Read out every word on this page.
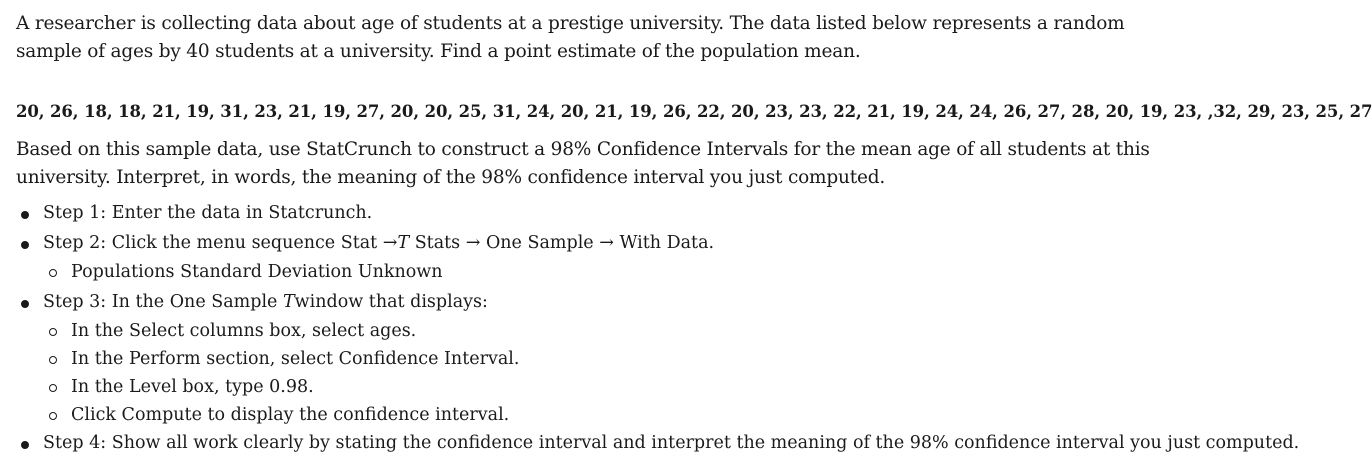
A researcher is collecting data about age of students at a prestige university. The data listed below represents a random sample of ages by 40 students at a university. Find a point estimate of the population mean.

20, 26, 18, 18, 21, 19, 31, 23, 21, 19, 27, 20, 20, 25, 31, 24, 20, 21, 19, 26, 22, 20, 23, 23, 22, 21, 19, 24, 24, 26, 27, 28, 20, 19, 23, ,32, 29, 23, 25, 27

Based on this sample data, use StatCrunch to construct a 98% Confidence Intervals for the mean age of all students at this university. Interpret, in words, the meaning of the 98% confidence interval you just computed.

Step 1: Enter the data in Statcrunch.
Step 2: Click the menu sequence Stat →T Stats → One Sample → With Data.
Populations Standard Deviation Unknown
Step 3: In the One Sample Twindow that displays:
In the Select columns box, select ages.
In the Perform section, select Confidence Interval.
In the Level box, type 0.98.
Click Compute to display the confidence interval.
Step 4: Show all work clearly by stating the confidence interval and interpret the meaning of the 98% confidence interval you just computed.
